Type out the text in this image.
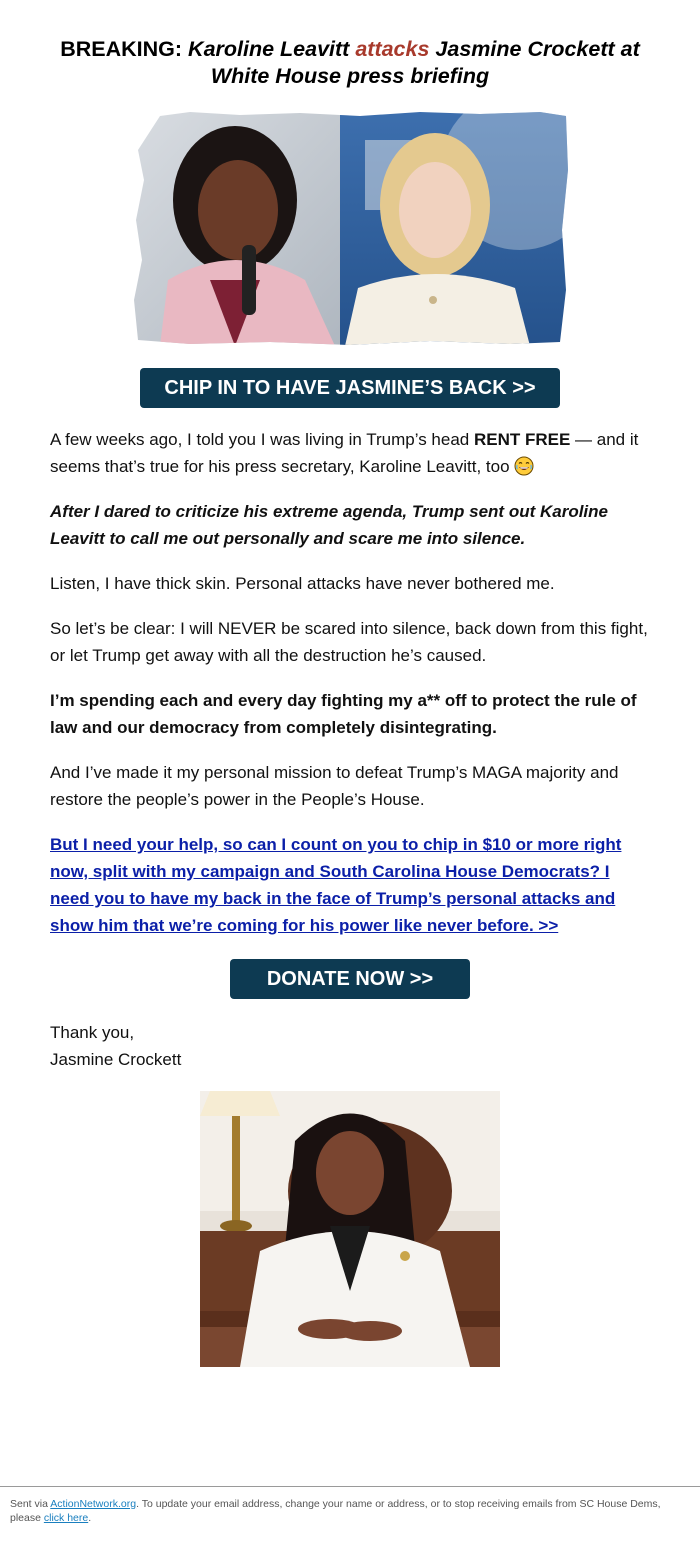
BREAKING: Karoline Leavitt attacks Jasmine Crockett at White House press briefing
CHIP IN TO HAVE JASMINE’S BACK >>

A few weeks ago, I told you I was living in Trump’s head RENT FREE — and it seems that’s true for his press secretary, Karoline Leavitt, too

After I dared to criticize his extreme agenda, Trump sent out Karoline Leavitt to call me out personally and scare me into silence.

Listen, I have thick skin. Personal attacks have never bothered me.

So let’s be clear: I will NEVER be scared into silence, back down from this fight, or let Trump get away with all the destruction he’s caused.

I’m spending each and every day fighting my a** off to protect the rule of law and our democracy from completely disintegrating.

And I’ve made it my personal mission to defeat Trump’s MAGA majority and restore the people’s power in the People’s House.

But I need your help, so can I count on you to chip in $10 or more right now, split with my campaign and South Carolina House Democrats? I need you to have my back in the face of Trump’s personal attacks and show him that we’re coming for his power like never before. >>

DONATE NOW >>

Thank you,
Jasmine Crockett

Sent via ActionNetwork.org. To update your email address, change your name or address, or to stop receiving emails from SC House Dems, please click here.
